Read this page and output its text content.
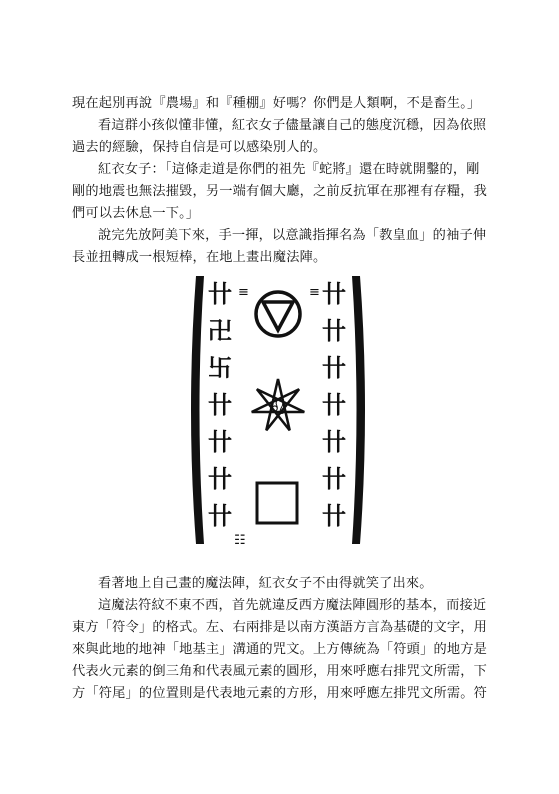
現在起別再說『農場』和『種棚』好嗎？你們是人類啊，不是畜生。」

看這群小孩似懂非懂，紅衣女子儘量讓自己的態度沉穩，因為依照過去的經驗，保持自信是可以感染別人的。

紅衣女子：「這條走道是你們的祖先『蛇將』還在時就開鑿的，剛剛的地震也無法摧毀，另一端有個大廳，之前反抗軍在那裡有存糧，我們可以去休息一下。」

說完先放阿美下來，手一揮，以意識指揮名為「教皇血」的袖子伸長並扭轉成一根短棒，在地上畫出魔法陣。

♌
≡	≡
☷
卄
卍
卐
卄
卄
卄
卄
卄
卄
卄
卄
卄
卄
卄

看著地上自己畫的魔法陣，紅衣女子不由得就笑了出來。

這魔法符紋不東不西，首先就違反西方魔法陣圓形的基本，而接近東方「符令」的格式。左、右兩排是以南方漢語方言為基礎的文字，用來與此地的地神「地基主」溝通的咒文。上方傳統為「符頭」的地方是代表火元素的倒三角和代表風元素的圓形，用來呼應右排咒文所需，下方「符尾」的位置則是代表地元素的方形，用來呼應左排咒文所需。符
